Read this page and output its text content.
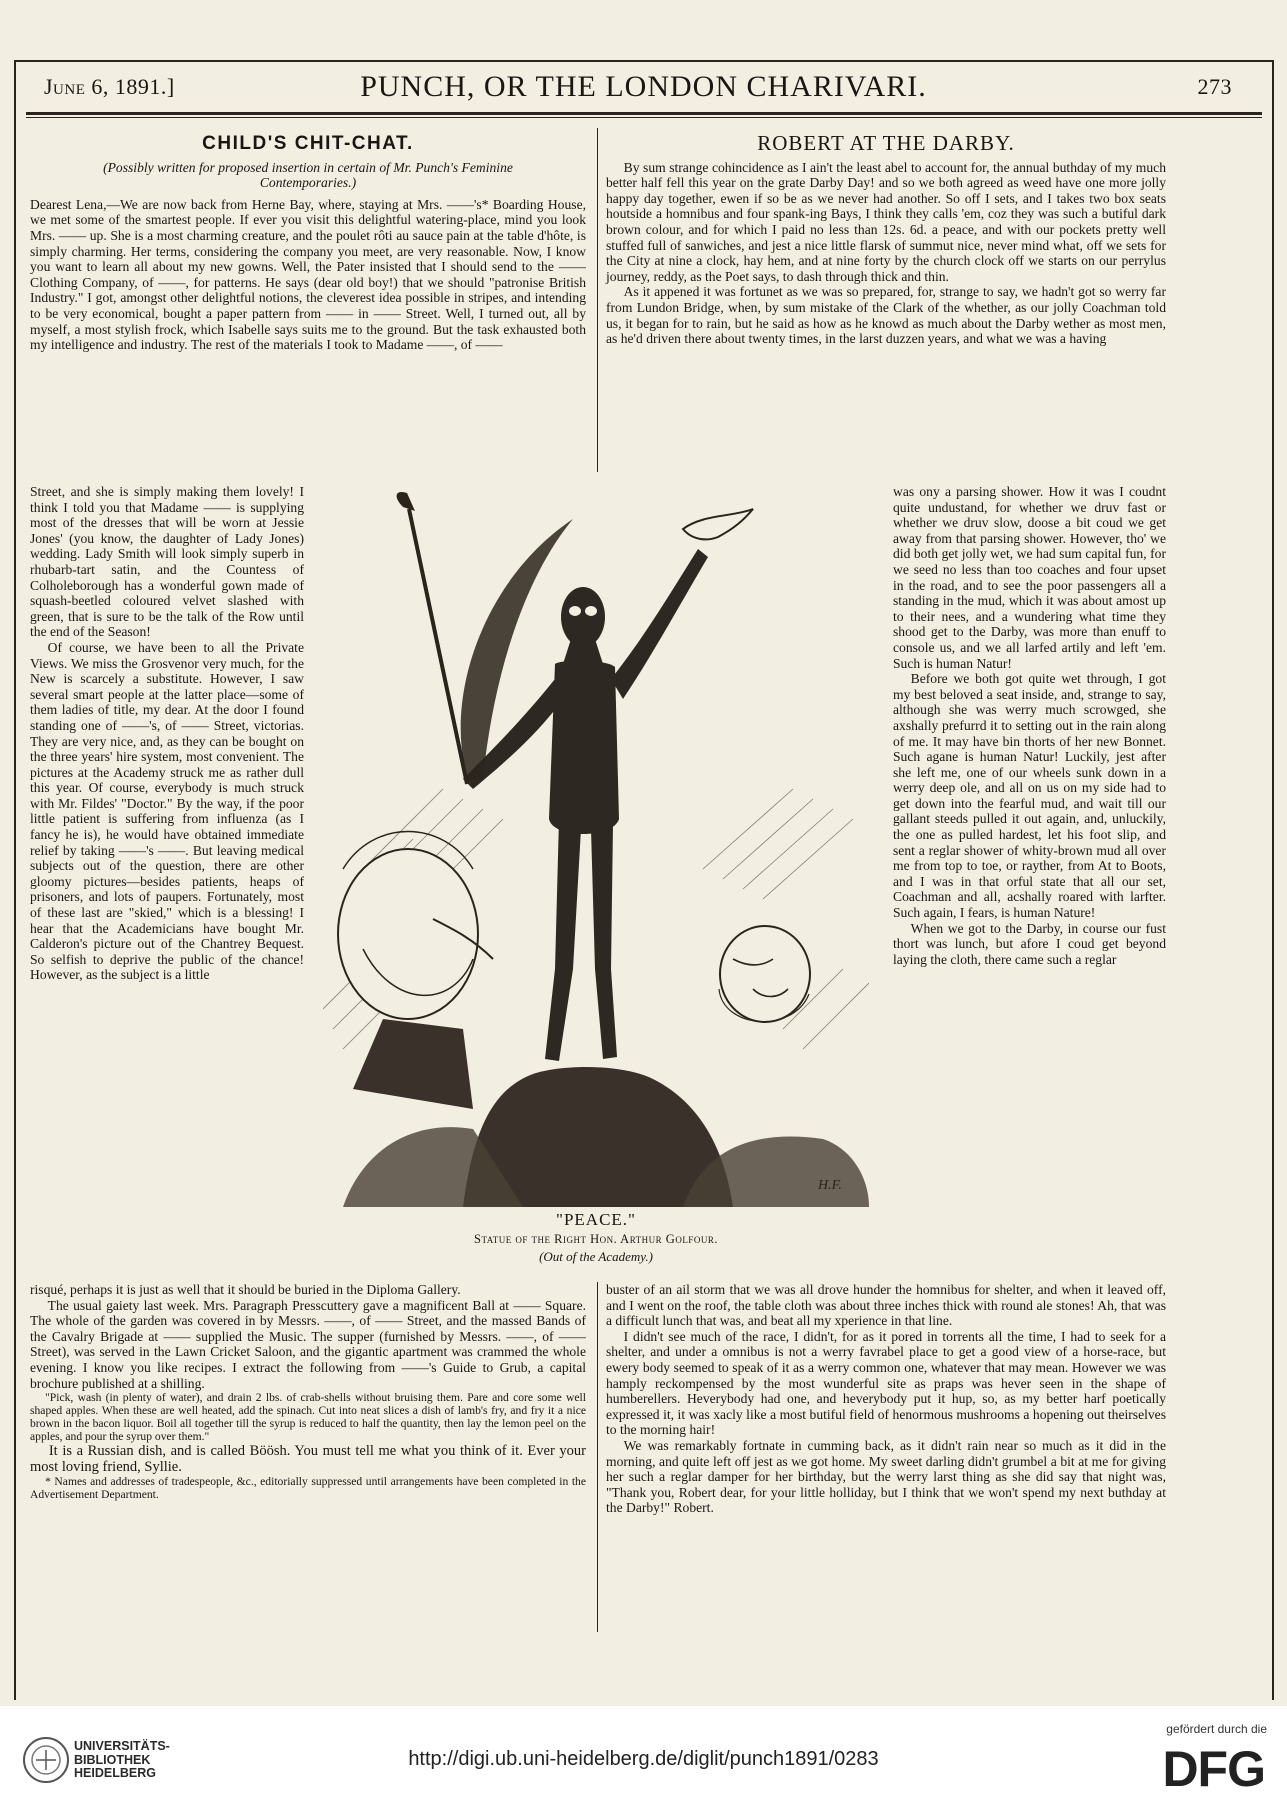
June 6, 1891.]	PUNCH, OR THE LONDON CHARIVARI.	273
CHILD'S CHIT-CHAT.
(Possibly written for proposed insertion in certain of Mr. Punch's Feminine Contemporaries.)

Dearest Lena,—We are now back from Herne Bay, where, staying at Mrs. ——'s* Boarding House, we met some of the smartest people. If ever you visit this delightful watering-place, mind you look Mrs. —— up. She is a most charming creature, and the poulet rôti au sauce pain at the table d'hôte, is simply charming. Her terms, considering the company you meet, are very reasonable. Now, I know you want to learn all about my new gowns. Well, the Pater insisted that I should send to the —— Clothing Company, of ——, for patterns. He says (dear old boy!) that we should "patronise British Industry." I got, amongst other delightful notions, the cleverest idea possible in stripes, and intending to be very economical, bought a paper pattern from —— in —— Street. Well, I turned out, all by myself, a most stylish frock, which Isabelle says suits me to the ground. But the task exhausted both my intelligence and industry. The rest of the materials I took to Madame ——, of ——

Street, and she is simply making them lovely! I think I told you that Madame —— is supplying most of the dresses that will be worn at Jessie Jones' (you know, the daughter of Lady Jones) wedding. Lady Smith will look simply superb in rhubarb-tart satin, and the Countess of Colholeborough has a wonderful gown made of squash-beetled coloured velvet slashed with green, that is sure to be the talk of the Row until the end of the Season!

Of course, we have been to all the Private Views. We miss the Grosvenor very much, for the New is scarcely a substitute. However, I saw several smart people at the latter place—some of them ladies of title, my dear. At the door I found standing one of ——'s, of —— Street, victorias. They are very nice, and, as they can be bought on the three years' hire system, most convenient. The pictures at the Academy struck me as rather dull this year. Of course, everybody is much struck with Mr. Fildes' "Doctor." By the way, if the poor little patient is suffering from influenza (as I fancy he is), he would have obtained immediate relief by taking ——'s ——. But leaving medical subjects out of the question, there are other gloomy pictures—besides patients, heaps of prisoners, and lots of paupers. Fortunately, most of these last are "skied," which is a blessing! I hear that the Academicians have bought Mr. Calderon's picture out of the Chantrey Bequest. So selfish to deprive the public of the chance! However, as the subject is a little

ROBERT AT THE DARBY.

By sum strange cohincidence as I ain't the least abel to account for, the annual buthday of my much better half fell this year on the grate Darby Day! and so we both agreed as weed have one more jolly happy day together, ewen if so be as we never had another. So off I sets, and I takes two box seats houtside a homnibus and four spank-ing Bays, I think they calls 'em, coz they was such a butiful dark brown colour, and for which I paid no less than 12s. 6d. a peace, and with our pockets pretty well stuffed full of sanwiches, and jest a nice little flarsk of summut nice, never mind what, off we sets for the City at nine a clock, hay hem, and at nine forty by the church clock off we starts on our perrylus journey, reddy, as the Poet says, to dash through thick and thin.

As it appened it was fortunet as we was so prepared, for, strange to say, we hadn't got so werry far from Lundon Bridge, when, by sum mistake of the Clark of the whether, as our jolly Coachman told us, it began for to rain, but he said as how as he knowd as much about the Darby wether as most men, as he'd driven there about twenty times, in the larst duzzen years, and what we was a having

was ony a parsing shower. How it was I coudnt quite undustand, for whether we druv fast or whether we druv slow, doose a bit coud we get away from that parsing shower. However, tho' we did both get jolly wet, we had sum capital fun, for we seed no less than too coaches and four upset in the road, and to see the poor passengers all a standing in the mud, which it was about amost up to their nees, and a wundering what time they shood get to the Darby, was more than enuff to console us, and we all larfed artily and left 'em. Such is human Natur!

Before we both got quite wet through, I got my best beloved a seat inside, and, strange to say, although she was werry much scrowged, she axshally prefurrd it to setting out in the rain along of me. It may have bin thorts of her new Bonnet. Such agane is human Natur! Luckily, jest after she left me, one of our wheels sunk down in a werry deep ole, and all on us on my side had to get down into the fearful mud, and wait till our gallant steeds pulled it out again, and, unluckily, the one as pulled hardest, let his foot slip, and sent a reglar shower of whity-brown mud all over me from top to toe, or rayther, from At to Boots, and I was in that orful state that all our set, Coachman and all, acshally roared with larfter. Such again, I fears, is human Nature!

When we got to the Darby, in course our fust thort was lunch, but afore I coud get beyond laying the cloth, there came such a reglar

H.F.
"PEACE."
Statue of the Right Hon. Arthur Golfour.
(Out of the Academy.)

risqué, perhaps it is just as well that it should be buried in the Diploma Gallery.

The usual gaiety last week. Mrs. Paragraph Presscuttery gave a magnificent Ball at —— Square. The whole of the garden was covered in by Messrs. ——, of —— Street, and the massed Bands of the Cavalry Brigade at —— supplied the Music. The supper (furnished by Messrs. ——, of —— Street), was served in the Lawn Cricket Saloon, and the gigantic apartment was crammed the whole evening. I know you like recipes. I extract the following from ——'s Guide to Grub, a capital brochure published at a shilling.

"Pick, wash (in plenty of water), and drain 2 lbs. of crab-shells without bruising them. Pare and core some well shaped apples. When these are well heated, add the spinach. Cut into neat slices a dish of lamb's fry, and fry it a nice brown in the bacon liquor. Boil all together till the syrup is reduced to half the quantity, then lay the lemon peel on the apples, and pour the syrup over them."

It is a Russian dish, and is called Böösh. You must tell me what you think of it. Ever your most loving friend, Syllie.

* Names and addresses of tradespeople, &c., editorially suppressed until arrangements have been completed in the Advertisement Department.

buster of an ail storm that we was all drove hunder the homnibus for shelter, and when it leaved off, and I went on the roof, the table cloth was about three inches thick with round ale stones! Ah, that was a difficult lunch that was, and beat all my xperience in that line.

I didn't see much of the race, I didn't, for as it pored in torrents all the time, I had to seek for a shelter, and under a omnibus is not a werry favrabel place to get a good view of a horse-race, but ewery body seemed to speak of it as a werry common one, whatever that may mean. However we was hamply reckompensed by the most wunderful site as praps was hever seen in the shape of humberellers. Heverybody had one, and heverybody put it hup, so, as my better harf poetically expressed it, it was xacly like a most butiful field of henormous mushrooms a hopening out theirselves to the morning hair!

We was remarkably fortnate in cumming back, as it didn't rain near so much as it did in the morning, and quite left off jest as we got home. My sweet darling didn't grumbel a bit at me for giving her such a reglar damper for her birthday, but the werry larst thing as she did say that night was, "Thank you, Robert dear, for your little holliday, but I think that we won't spend my next buthday at the Darby!" Robert.

UNIVERSITÄTS-
BIBLIOTHEK
HEIDELBERG
http://digi.ub.uni-heidelberg.de/diglit/punch1891/0283
gefördert durch die
DFG
